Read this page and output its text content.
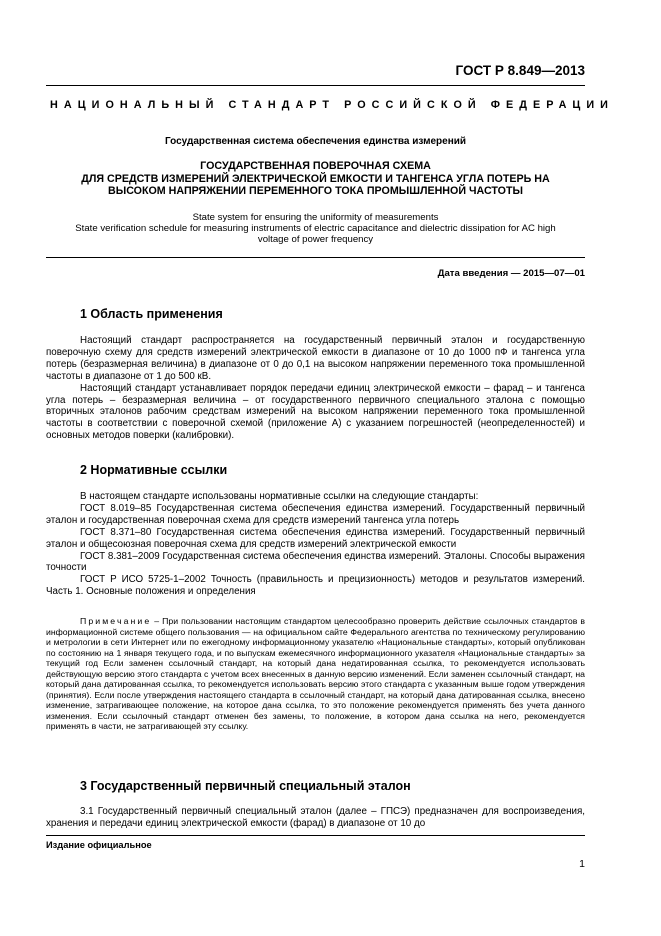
ГОСТ Р 8.849—2013
НАЦИОНАЛЬНЫЙ СТАНДАРТ РОССИЙСКОЙ ФЕДЕРАЦИИ
Государственная система обеспечения единства измерений
ГОСУДАРСТВЕННАЯ ПОВЕРОЧНАЯ СХЕМА
ДЛЯ СРЕДСТВ ИЗМЕРЕНИЙ ЭЛЕКТРИЧЕСКОЙ ЕМКОСТИ И ТАНГЕНСА УГЛА ПОТЕРЬ НА
ВЫСОКОМ НАПРЯЖЕНИИ ПЕРЕМЕННОГО ТОКА ПРОМЫШЛЕННОЙ ЧАСТОТЫ
State system for ensuring the uniformity of measurements
State verification schedule for measuring instruments of electric capacitance and dielectric dissipation for AC high
voltage of power frequency
Дата введения — 2015—07—01
1 Область применения

Настоящий стандарт распространяется на государственный первичный эталон и государственную поверочную схему для средств измерений электрической емкости в диапазоне от 10 до 1000 пФ и тангенса угла потерь (безразмерная величина) в диапазоне от 0 до 0,1 на высоком напряжении переменного тока промышленной частоты в диапазоне от 1 до 500 кВ.

Настоящий стандарт устанавливает порядок передачи единиц электрической емкости – фарад – и тангенса угла потерь – безразмерная величина – от государственного первичного специального эталона с помощью вторичных эталонов рабочим средствам измерений на высоком напряжении переменного тока промышленной частоты в соответствии с поверочной схемой (приложение А) с указанием погрешностей (неопределенностей) и основных методов поверки (калибровки).

2 Нормативные ссылки

В настоящем стандарте использованы нормативные ссылки на следующие стандарты:

ГОСТ 8.019–85 Государственная система обеспечения единства измерений. Государственный первичный эталон и государственная поверочная схема для средств измерений тангенса угла потерь

ГОСТ 8.371–80 Государственная система обеспечения единства измерений. Государственный первичный эталон и общесоюзная поверочная схема для средств измерений электрической емкости

ГОСТ 8.381–2009 Государственная система обеспечения единства измерений. Эталоны. Способы выражения точности

ГОСТ Р ИСО 5725-1–2002 Точность (правильность и прецизионность) методов и результатов измерений. Часть 1. Основные положения и определения

Примечание – При пользовании настоящим стандартом целесообразно проверить действие ссылочных стандартов в информационной системе общего пользования — на официальном сайте Федерального агентства по техническому регулированию и метрологии в сети Интернет или по ежегодному информационному указателю «Национальные стандарты», который опубликован по состоянию на 1 января текущего года, и по выпускам ежемесячного информационного указателя «Национальные стандарты» за текущий год Если заменен ссылочный стандарт, на который дана недатированная ссылка, то рекомендуется использовать действующую версию этого стандарта с учетом всех внесенных в данную версию изменений. Если заменен ссылочный стандарт, на который дана датированная ссылка, то рекомендуется использовать версию этого стандарта с указанным выше годом утверждения (принятия). Если после утверждения настоящего стандарта в ссылочный стандарт, на который дана датированная ссылка, внесено изменение, затрагивающее положение, на которое дана ссылка, то это положение рекомендуется применять без учета данного изменения. Если ссылочный стандарт отменен без замены, то положение, в котором дана ссылка на него, рекомендуется применять в части, не затрагивающей эту ссылку.

3 Государственный первичный специальный эталон

3.1 Государственный первичный специальный эталон (далее – ГПСЭ) предназначен для воспроизведения, хранения и передачи единиц электрической емкости (фарад) в диапазоне от 10 до

Издание официальное
1
